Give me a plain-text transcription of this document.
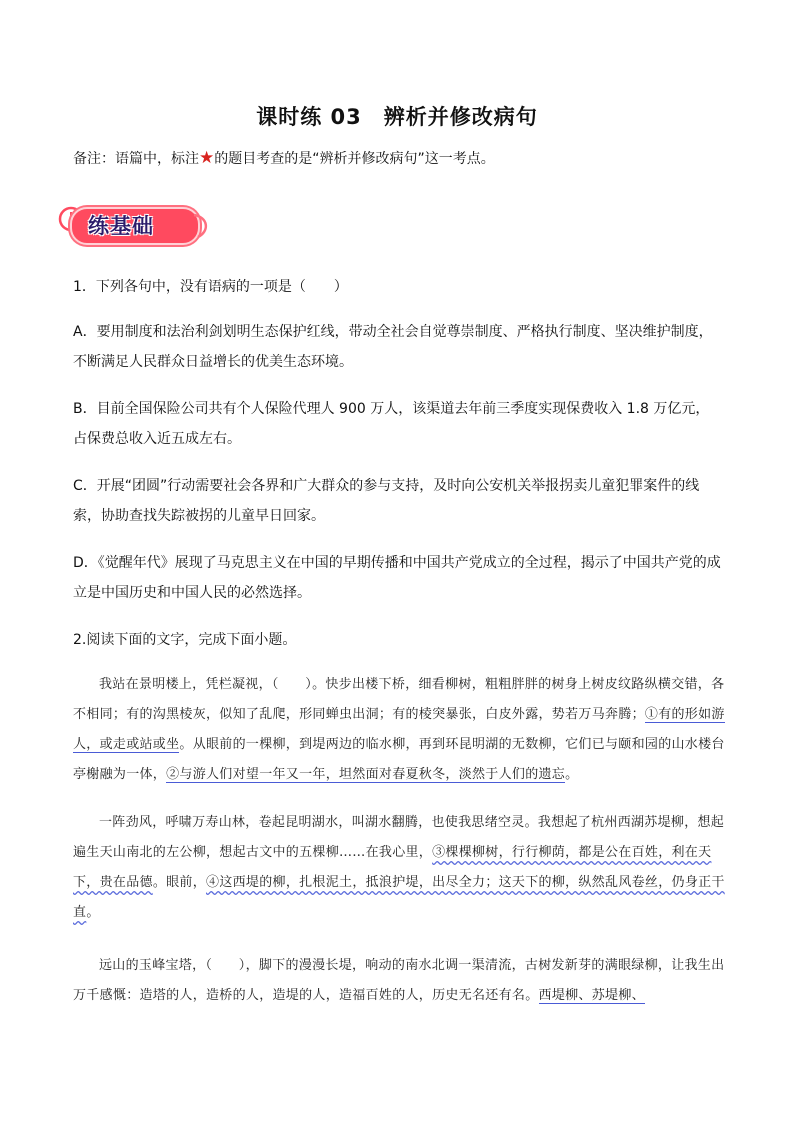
课时练 03　辨析并修改病句
备注：语篇中，标注★的题目考查的是“辨析并修改病句”这一考点。
练基础
1．下列各句中，没有语病的一项是（　　）
A．要用制度和法治利剑划明生态保护红线，带动全社会自觉尊崇制度、严格执行制度、坚决维护制度，不断满足人民群众日益增长的优美生态环境。
B．目前全国保险公司共有个人保险代理人 900 万人，该渠道去年前三季度实现保费收入 1.8 万亿元，占保费总收入近五成左右。
C．开展“团圆”行动需要社会各界和广大群众的参与支持，及时向公安机关举报拐卖儿童犯罪案件的线索，协助查找失踪被拐的儿童早日回家。
D．《觉醒年代》展现了马克思主义在中国的早期传播和中国共产党成立的全过程，揭示了中国共产党的成立是中国历史和中国人民的必然选择。
2.阅读下面的文字，完成下面小题。
我站在景明楼上，凭栏凝视，（　　）。快步出楼下桥，细看柳树，粗粗胖胖的树身上树皮纹路纵横交错，各不相同；有的沟黑棱灰，似知了乱爬，形同蝉虫出洞；有的棱突暴张，白皮外露，势若万马奔腾；①有的形如游人，或走或站或坐。从眼前的一棵柳，到堤两边的临水柳，再到环昆明湖的无数柳，它们已与颐和园的山水楼台亭榭融为一体，②与游人们对望一年又一年，坦然面对春夏秋冬，淡然于人们的遗忘。
一阵劲风，呼啸万寿山林，卷起昆明湖水，叫湖水翻腾，也使我思绪空灵。我想起了杭州西湖苏堤柳，想起遍生天山南北的左公柳，想起古文中的五棵柳……在我心里，③棵棵柳树，行行柳荫，都是公在百姓，利在天下，贵在品德。眼前，④这西堤的柳，扎根泥土，抵浪护堤，出尽全力；这天下的柳，纵然乱风卷丝，仍身正干直。
远山的玉峰宝塔，（　　），脚下的漫漫长堤，响动的南水北调一渠清流，古树发新芽的满眼绿柳，让我生出万千感慨：造塔的人，造桥的人，造堤的人，造福百姓的人，历史无名还有名。西堤柳、苏堤柳、
